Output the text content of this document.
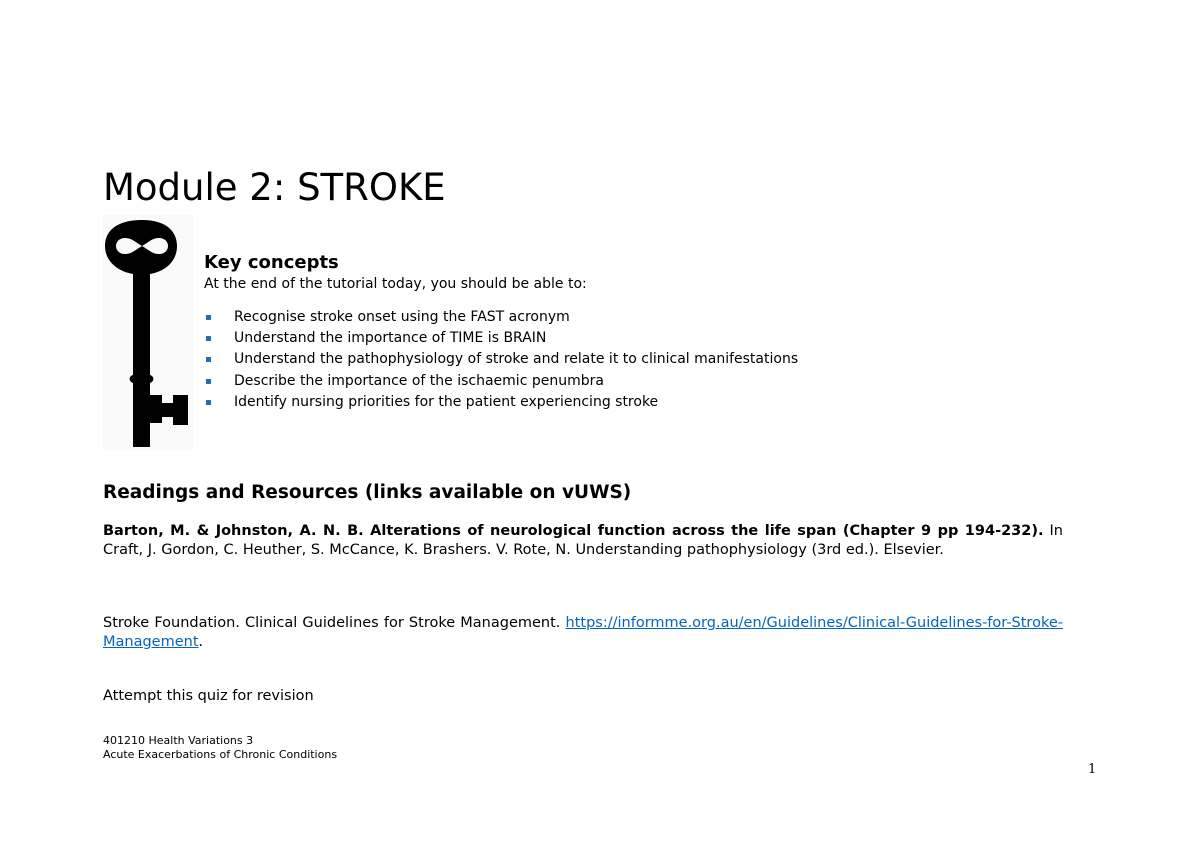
Module 2: STROKE
Key concepts
At the end of the tutorial today, you should be able to:
Recognise stroke onset using the FAST acronym
Understand the importance of TIME is BRAIN
Understand the pathophysiology of stroke and relate it to clinical manifestations
Describe the importance of the ischaemic penumbra
Identify nursing priorities for the patient experiencing stroke
Readings and Resources (links available on vUWS)
Barton, M. & Johnston, A. N. B. Alterations of neurological function across the life span (Chapter 9 pp 194-232). In Craft, J. Gordon, C. Heuther, S. McCance, K. Brashers. V. Rote, N. Understanding pathophysiology (3rd ed.). Elsevier.
Stroke Foundation. Clinical Guidelines for Stroke Management. https://informme.org.au/en/Guidelines/Clinical-Guidelines-for-Stroke-Management.
Attempt this quiz for revision
401210 Health Variations 3
Acute Exacerbations of Chronic Conditions
1
